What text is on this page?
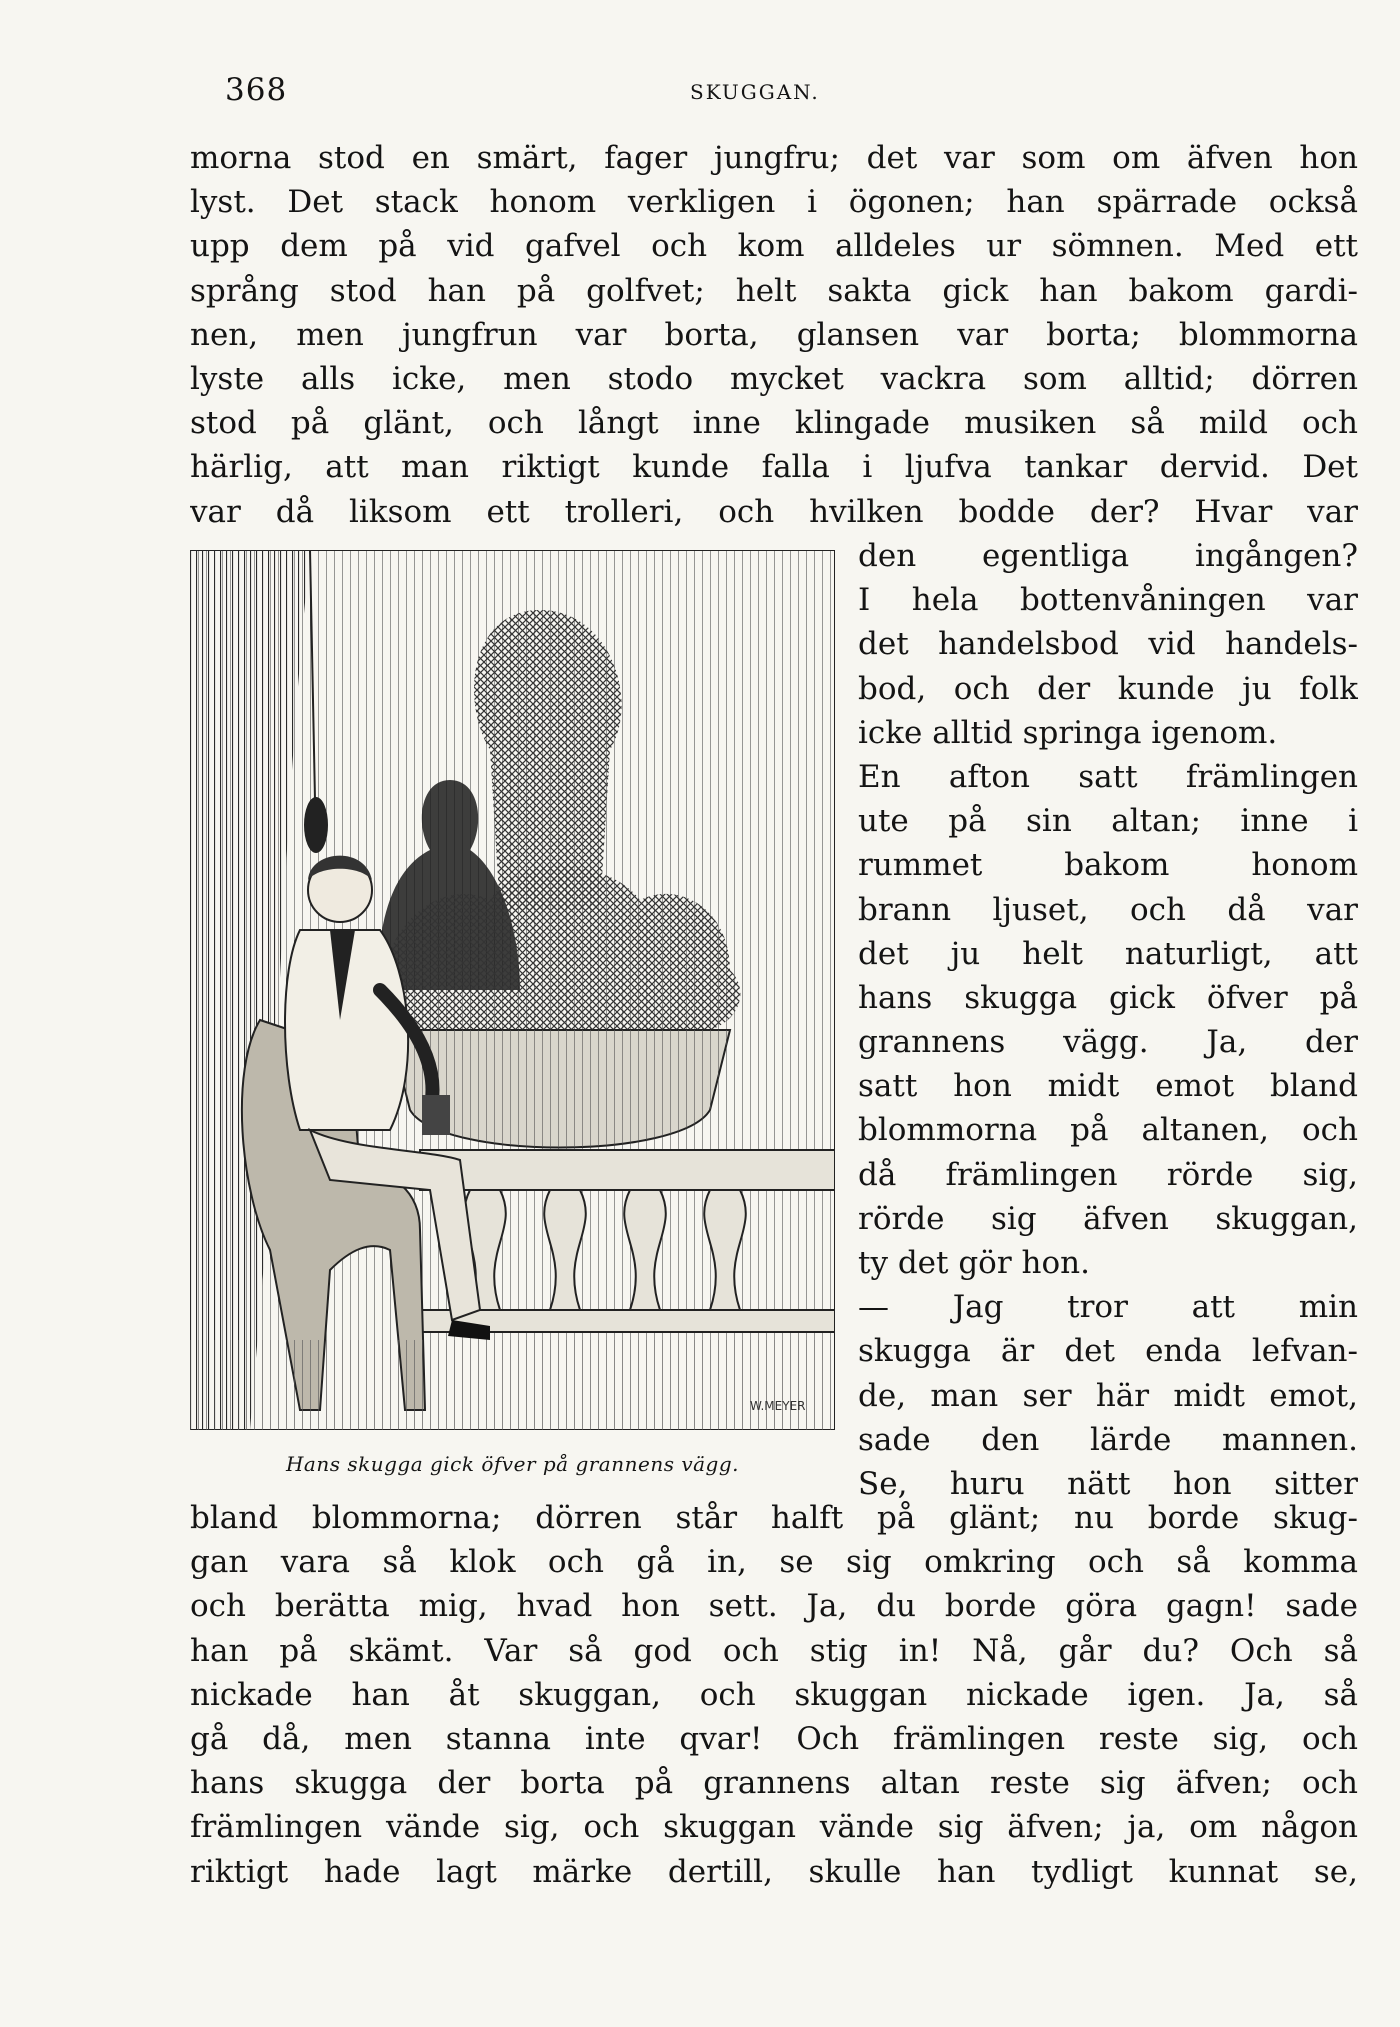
368	SKUGGAN.
morna stod en smärt, fager jungfru; det var som om äfven hon
lyst. Det stack honom verkligen i ögonen; han spärrade också
upp dem på vid gafvel och kom alldeles ur sömnen. Med ett
språng stod han på golfvet; helt sakta gick han bakom gardi-
nen, men jungfrun var borta, glansen var borta; blommorna
lyste alls icke, men stodo mycket vackra som alltid; dörren
stod på glänt, och långt inne klingade musiken så mild och
härlig, att man riktigt kunde falla i ljufva tankar dervid. Det
var då liksom ett trolleri, och hvilken bodde der? Hvar var
W.MEYER
Hans skugga gick öfver på grannens vägg.
den egentliga ingången?
I hela bottenvåningen var
det handelsbod vid handels-
bod, och der kunde ju folk
icke alltid springa igenom.
En afton satt främlingen
ute på sin altan; inne i
rummet bakom honom
brann ljuset, och då var
det ju helt naturligt, att
hans skugga gick öfver på
grannens vägg. Ja, der
satt hon midt emot bland
blommorna på altanen, och
då främlingen rörde sig,
rörde sig äfven skuggan,
ty det gör hon.
— Jag tror att min
skugga är det enda lefvan-
de, man ser här midt emot,
sade den lärde mannen.
Se, huru nätt hon sitter
bland blommorna; dörren står halft på glänt; nu borde skug-
gan vara så klok och gå in, se sig omkring och så komma
och berätta mig, hvad hon sett. Ja, du borde göra gagn! sade
han på skämt. Var så god och stig in! Nå, går du? Och så
nickade han åt skuggan, och skuggan nickade igen. Ja, så
gå då, men stanna inte qvar! Och främlingen reste sig, och
hans skugga der borta på grannens altan reste sig äfven; och
främlingen vände sig, och skuggan vände sig äfven; ja, om någon
riktigt hade lagt märke dertill, skulle han tydligt kunnat se,
